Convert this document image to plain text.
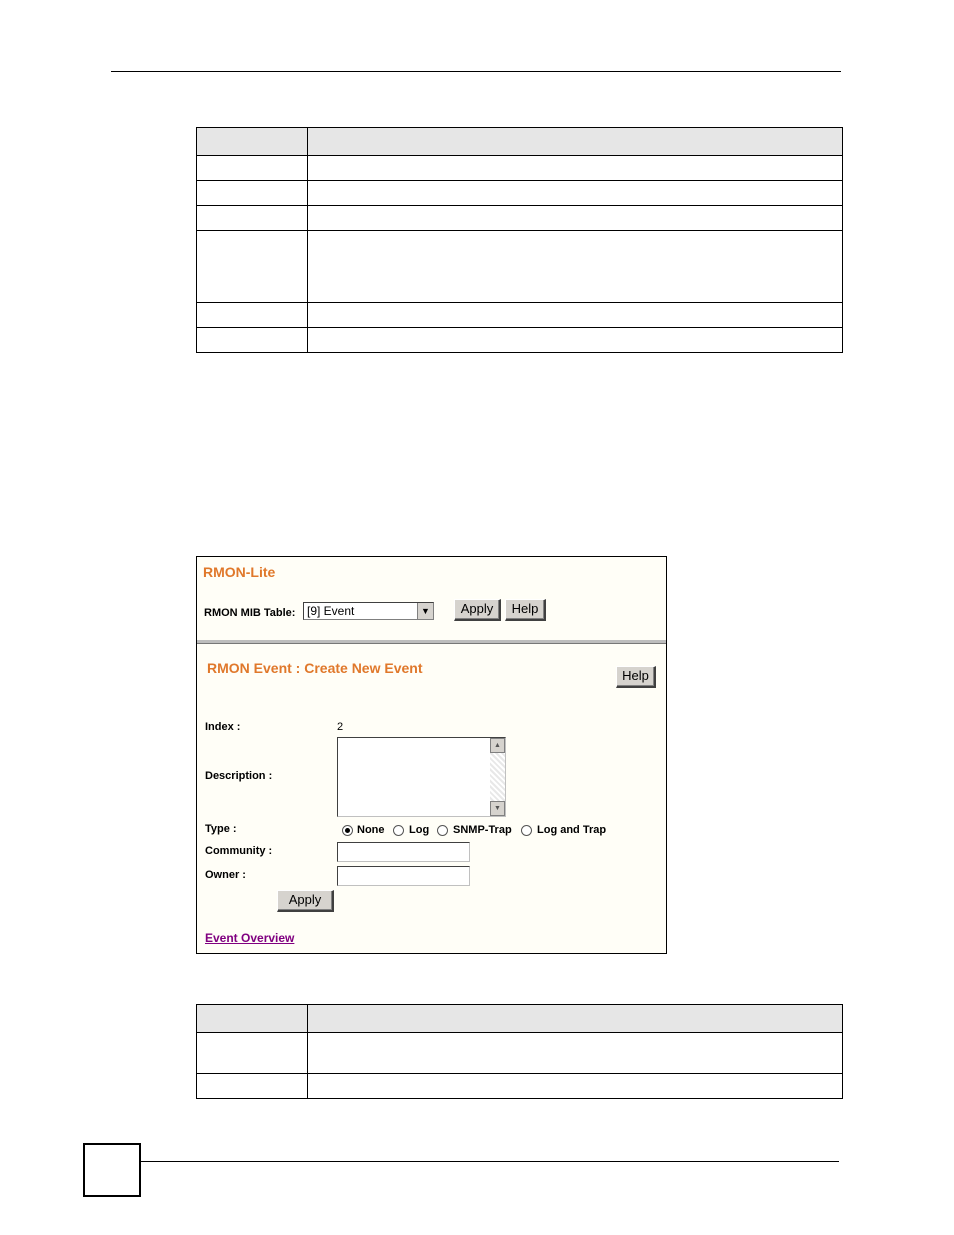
RMON-Lite
RMON MIB Table: [9] Event	▼	Apply	Help
RMON Event : Create New Event	Help
Index :	2
Description :
▲
▼
Type :	None Log SNMP-Trap Log and Trap
Community :
Owner :
Apply
Event Overview
